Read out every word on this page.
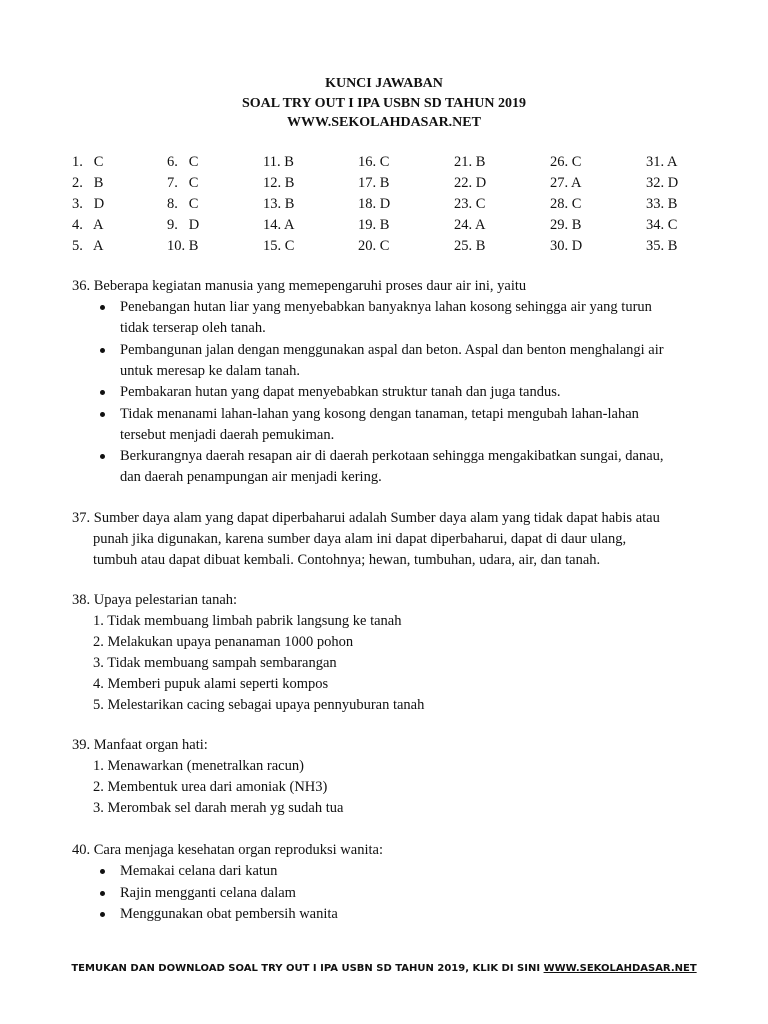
KUNCI JAWABAN
SOAL TRY OUT I IPA USBN SD TAHUN 2019
WWW.SEKOLAHDASAR.NET
1.   C
2.   B
3.   D
4.   A
5.   A
6.   C
7.   C
8.   C
9.   D
10. B
11. B
12. B
13. B
14. A
15. C
16. C
17. B
18. D
19. B
20. C
21. B
22. D
23. C
24. A
25. B
26. C
27. A
28. C
29. B
30. D
31. A
32. D
33. B
34. C
35. B
36. Beberapa kegiatan manusia yang memepengaruhi proses daur air ini, yaitu
Penebangan hutan liar yang menyebabkan banyaknya lahan kosong sehingga air yang turun
tidak terserap oleh tanah.
Pembangunan jalan dengan menggunakan aspal dan beton. Aspal dan benton menghalangi air
untuk meresap ke dalam tanah.
Pembakaran hutan yang dapat menyebabkan struktur tanah dan juga tandus.
Tidak menanami lahan-lahan yang kosong dengan tanaman, tetapi mengubah lahan-lahan
tersebut menjadi daerah pemukiman.
Berkurangnya daerah resapan air di daerah perkotaan sehingga mengakibatkan sungai, danau,
dan daerah penampungan air menjadi kering.
37. Sumber daya alam yang dapat diperbaharui adalah Sumber daya alam yang tidak dapat habis atau
punah jika digunakan, karena sumber daya alam ini dapat diperbaharui, dapat di daur ulang,
tumbuh atau dapat dibuat kembali. Contohnya; hewan, tumbuhan, udara, air, dan tanah.
38. Upaya pelestarian tanah:
1. Tidak membuang limbah pabrik langsung ke tanah
2. Melakukan upaya penanaman 1000 pohon
3. Tidak membuang sampah sembarangan
4. Memberi pupuk alami seperti kompos
5. Melestarikan cacing sebagai upaya pennyuburan tanah
39. Manfaat organ hati:
1. Menawarkan (menetralkan racun)
2. Membentuk urea dari amoniak (NH3)
3. Merombak sel darah merah yg sudah tua
40. Cara menjaga kesehatan organ reproduksi wanita:
Memakai celana dari katun
Rajin mengganti celana dalam
Menggunakan obat pembersih wanita
TEMUKAN DAN DOWNLOAD SOAL TRY OUT I IPA USBN SD TAHUN 2019, KLIK DI SINI WWW.SEKOLAHDASAR.NET
